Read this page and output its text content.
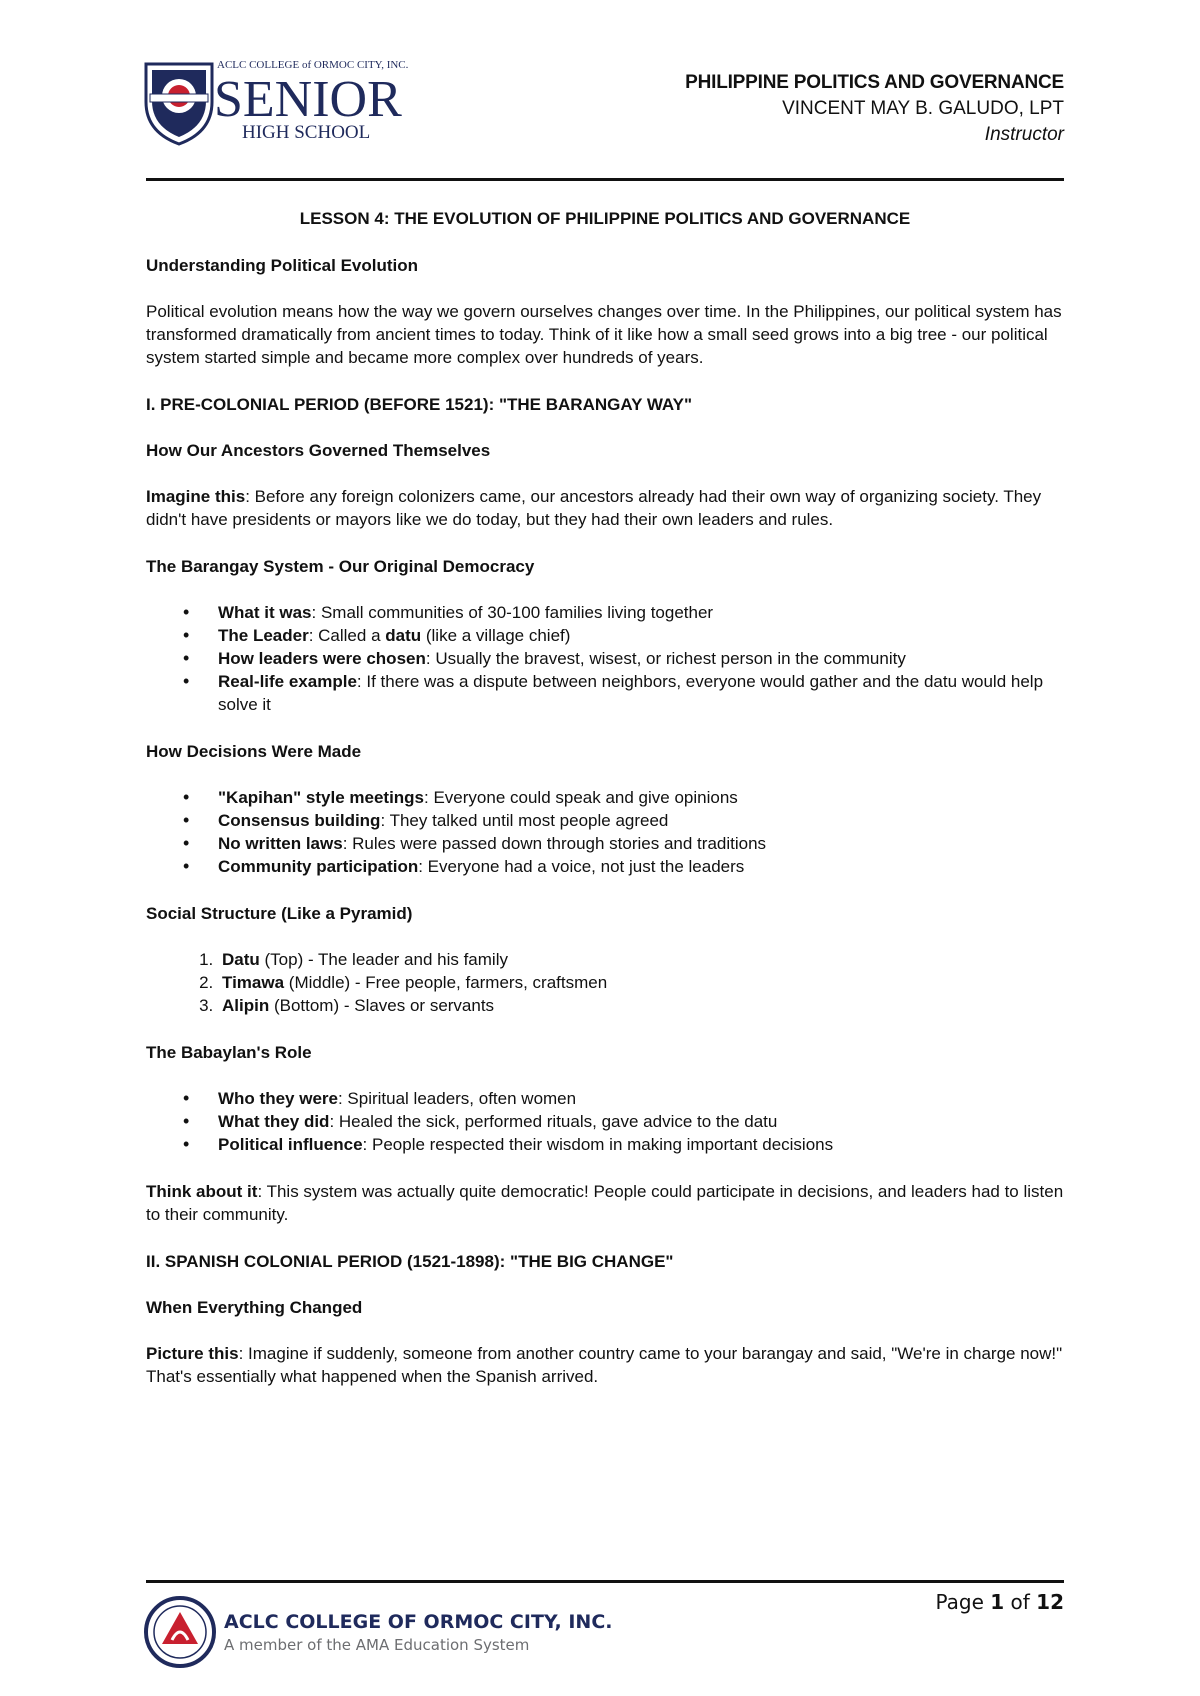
ACLC COLLEGE of ORMOC CITY, INC.
SENIOR
HIGH SCHOOL
PHILIPPINE POLITICS AND GOVERNANCE
VINCENT MAY B. GALUDO, LPT
Instructor
LESSON 4: THE EVOLUTION OF PHILIPPINE POLITICS AND GOVERNANCE
Understanding Political Evolution

Political evolution means how the way we govern ourselves changes over time. In the Philippines, our political system has transformed dramatically from ancient times to today. Think of it like how a small seed grows into a big tree - our political system started simple and became more complex over hundreds of years.

I. PRE-COLONIAL PERIOD (BEFORE 1521): "THE BARANGAY WAY"
How Our Ancestors Governed Themselves

Imagine this: Before any foreign colonizers came, our ancestors already had their own way of organizing society. They didn't have presidents or mayors like we do today, but they had their own leaders and rules.

The Barangay System - Our Original Democracy
• What it was: Small communities of 30-100 families living together
• The Leader: Called a datu (like a village chief)
• How leaders were chosen: Usually the bravest, wisest, or richest person in the community
• Real-life example: If there was a dispute between neighbors, everyone would gather and the datu would help solve it
How Decisions Were Made
• "Kapihan" style meetings: Everyone could speak and give opinions
• Consensus building: They talked until most people agreed
• No written laws: Rules were passed down through stories and traditions
• Community participation: Everyone had a voice, not just the leaders
Social Structure (Like a Pyramid)
1. Datu (Top) - The leader and his family
2. Timawa (Middle) - Free people, farmers, craftsmen
3. Alipin (Bottom) - Slaves or servants
The Babaylan's Role
• Who they were: Spiritual leaders, often women
• What they did: Healed the sick, performed rituals, gave advice to the datu
• Political influence: People respected their wisdom in making important decisions

Think about it: This system was actually quite democratic! People could participate in decisions, and leaders had to listen to their community.

II. SPANISH COLONIAL PERIOD (1521-1898): "THE BIG CHANGE"
When Everything Changed

Picture this: Imagine if suddenly, someone from another country came to your barangay and said, "We're in charge now!" That's essentially what happened when the Spanish arrived.

ACLC COLLEGE OF ORMOC CITY, INC.
A member of the AMA Education System
Page 1 of 12
